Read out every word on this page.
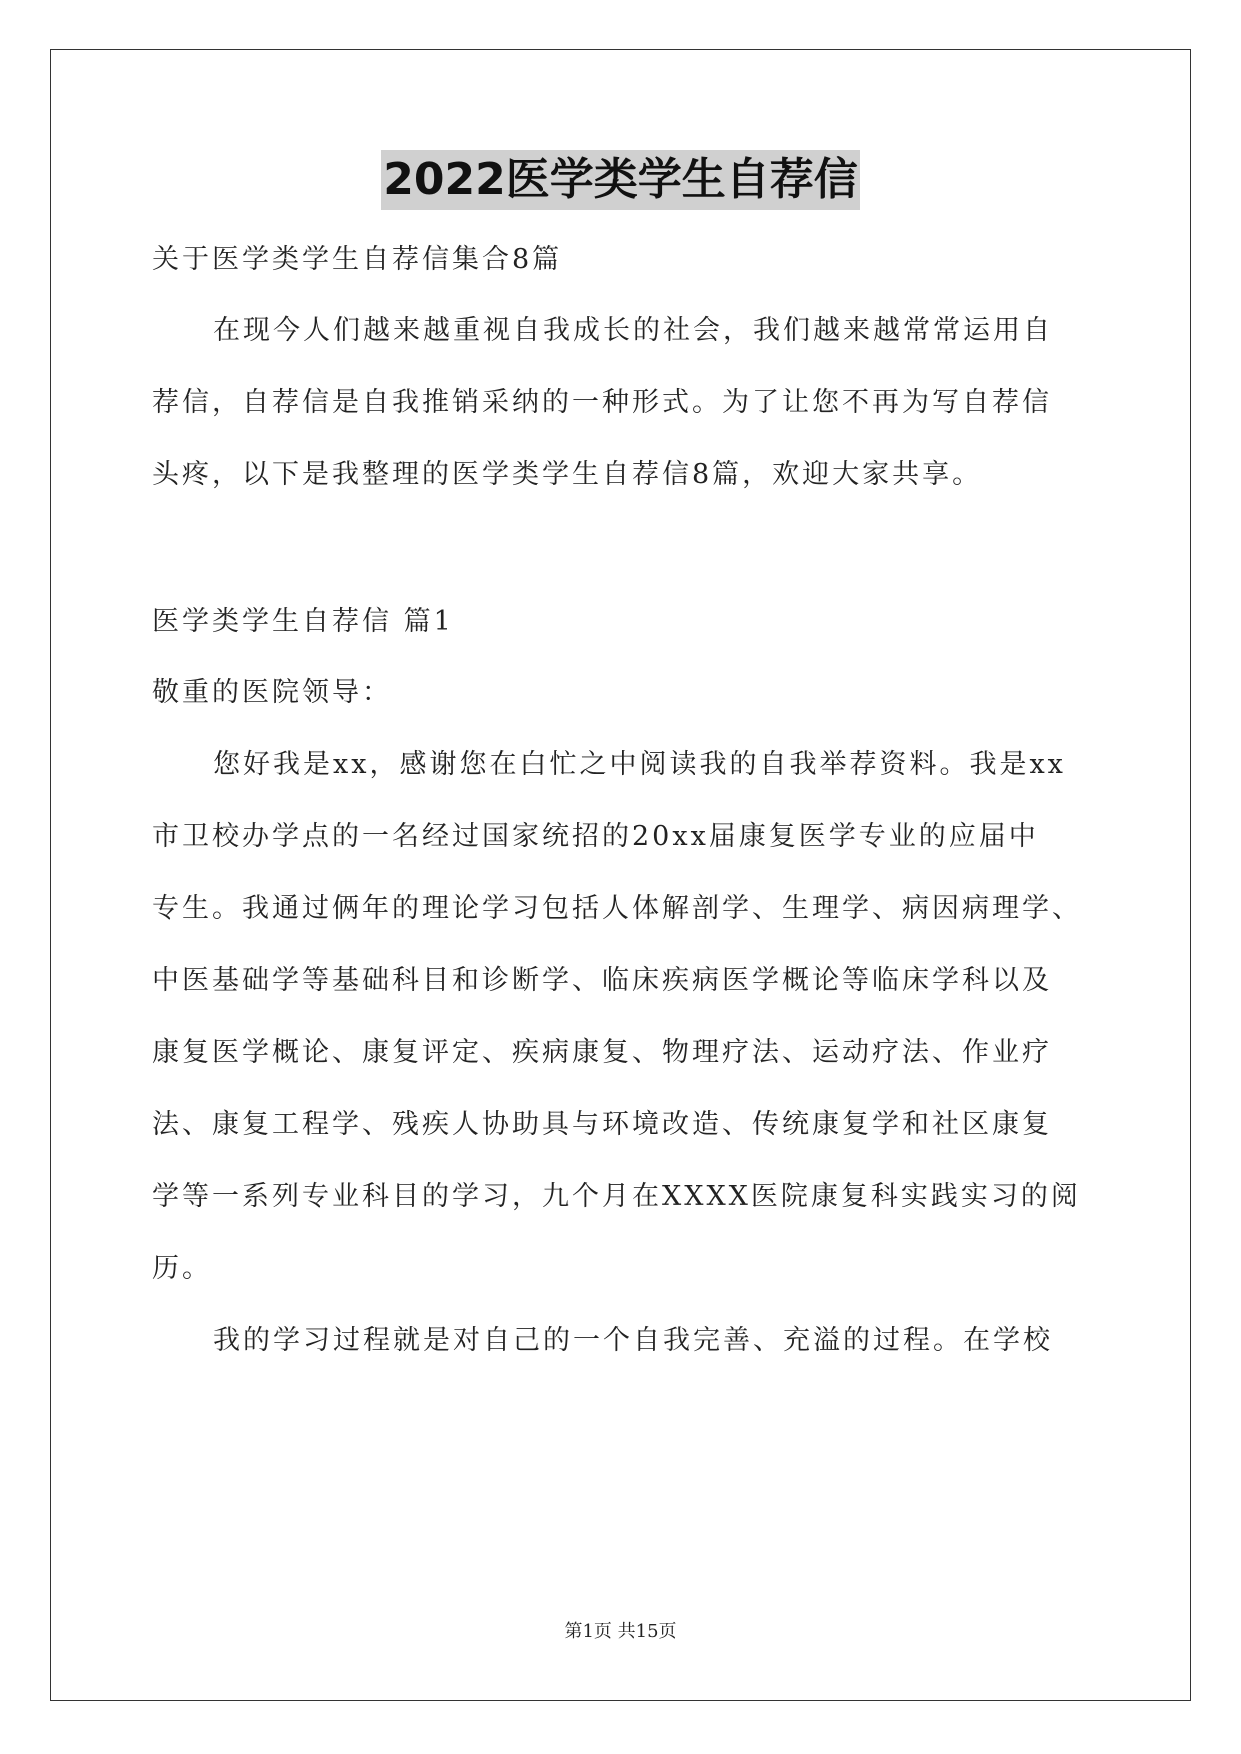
2022医学类学生自荐信

关于医学类学生自荐信集合8篇

在现今人们越来越重视自我成长的社会，我们越来越常常运用自

荐信，自荐信是自我推销采纳的一种形式。为了让您不再为写自荐信

头疼，以下是我整理的医学类学生自荐信8篇，欢迎大家共享。

医学类学生自荐信 篇1

敬重的医院领导：

您好我是xx，感谢您在白忙之中阅读我的自我举荐资料。我是xx

市卫校办学点的一名经过国家统招的20xx届康复医学专业的应届中

专生。我通过俩年的理论学习包括人体解剖学、生理学、病因病理学、

中医基础学等基础科目和诊断学、临床疾病医学概论等临床学科以及

康复医学概论、康复评定、疾病康复、物理疗法、运动疗法、作业疗

法、康复工程学、残疾人协助具与环境改造、传统康复学和社区康复

学等一系列专业科目的学习，九个月在XXXX医院康复科实践实习的阅

历。

我的学习过程就是对自己的一个自我完善、充溢的过程。在学校

第1页 共15页
